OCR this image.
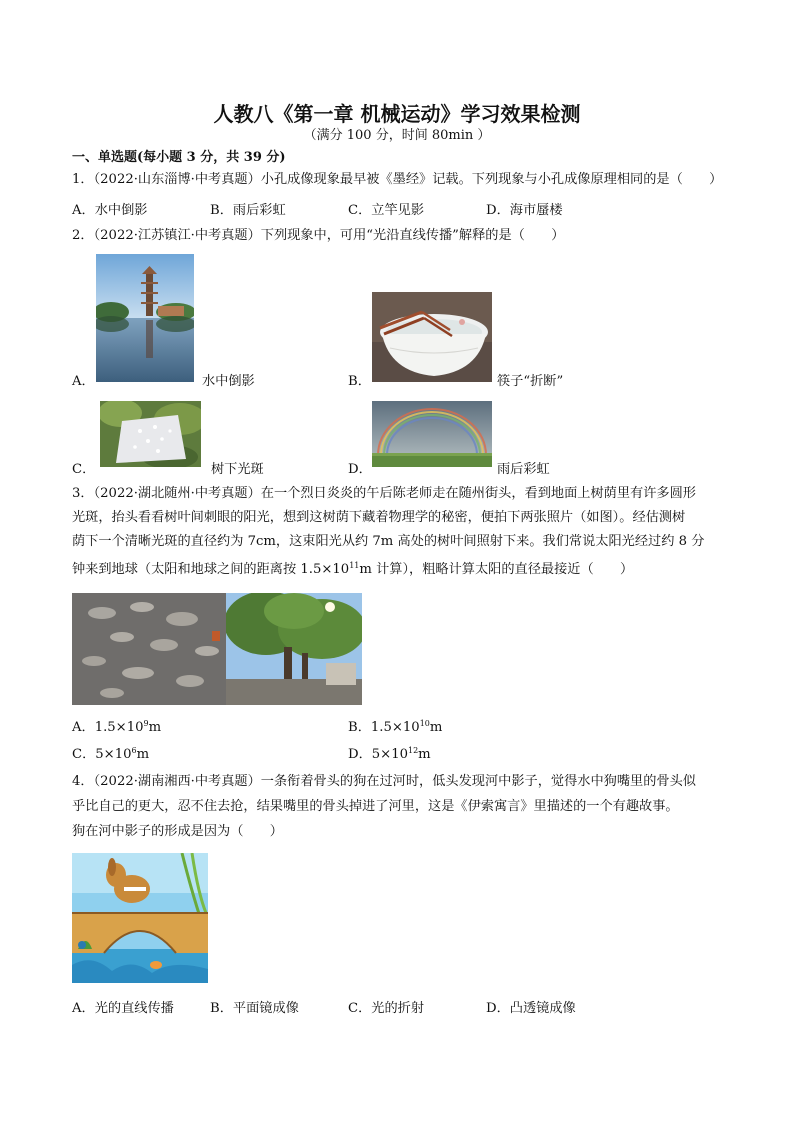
人教八《第一章 机械运动》学习效果检测
（满分 100 分，时间 80min ）
一、单选题(每小题 3 分，共 39 分)
1．（2022·山东淄博·中考真题）小孔成像现象最早被《墨经》记载。下列现象与小孔成像原理相同的是（　　）
A．水中倒影	B．雨后彩虹	C．立竿见影	D．海市蜃楼
2．（2022·江苏镇江·中考真题）下列现象中，可用“光沿直线传播”解释的是（　　）
A．	水中倒影	B．	筷子“折断”
C．	树下光斑	D．	雨后彩虹
3．（2022·湖北随州·中考真题）在一个烈日炎炎的午后陈老师走在随州街头，看到地面上树荫里有许多圆形
光斑，抬头看看树叶间刺眼的阳光，想到这树荫下藏着物理学的秘密，便拍下两张照片（如图）。经估测树
荫下一个清晰光斑的直径约为 7cm，这束阳光从约 7m 高处的树叶间照射下来。我们常说太阳光经过约 8 分
钟来到地球（太阳和地球之间的距离按 $1.5\times 10^{11}m$ 计算），粗略计算太阳的直径最接近（　　）
A．$1.5\times 10^9m$	B．$1.5\times 10^{10}m$
C．$5\times 10^6m$	D．$5\times 10^{12}m$
4．（2022·湖南湘西·中考真题）一条衔着骨头的狗在过河时，低头发现河中影子，觉得水中狗嘴里的骨头似
乎比自己的更大，忍不住去抢，结果嘴里的骨头掉进了河里，这是《伊索寓言》里描述的一个有趣故事。
狗在河中影子的形成是因为（　　）
A．光的直线传播	B．平面镜成像	C．光的折射	D．凸透镜成像
